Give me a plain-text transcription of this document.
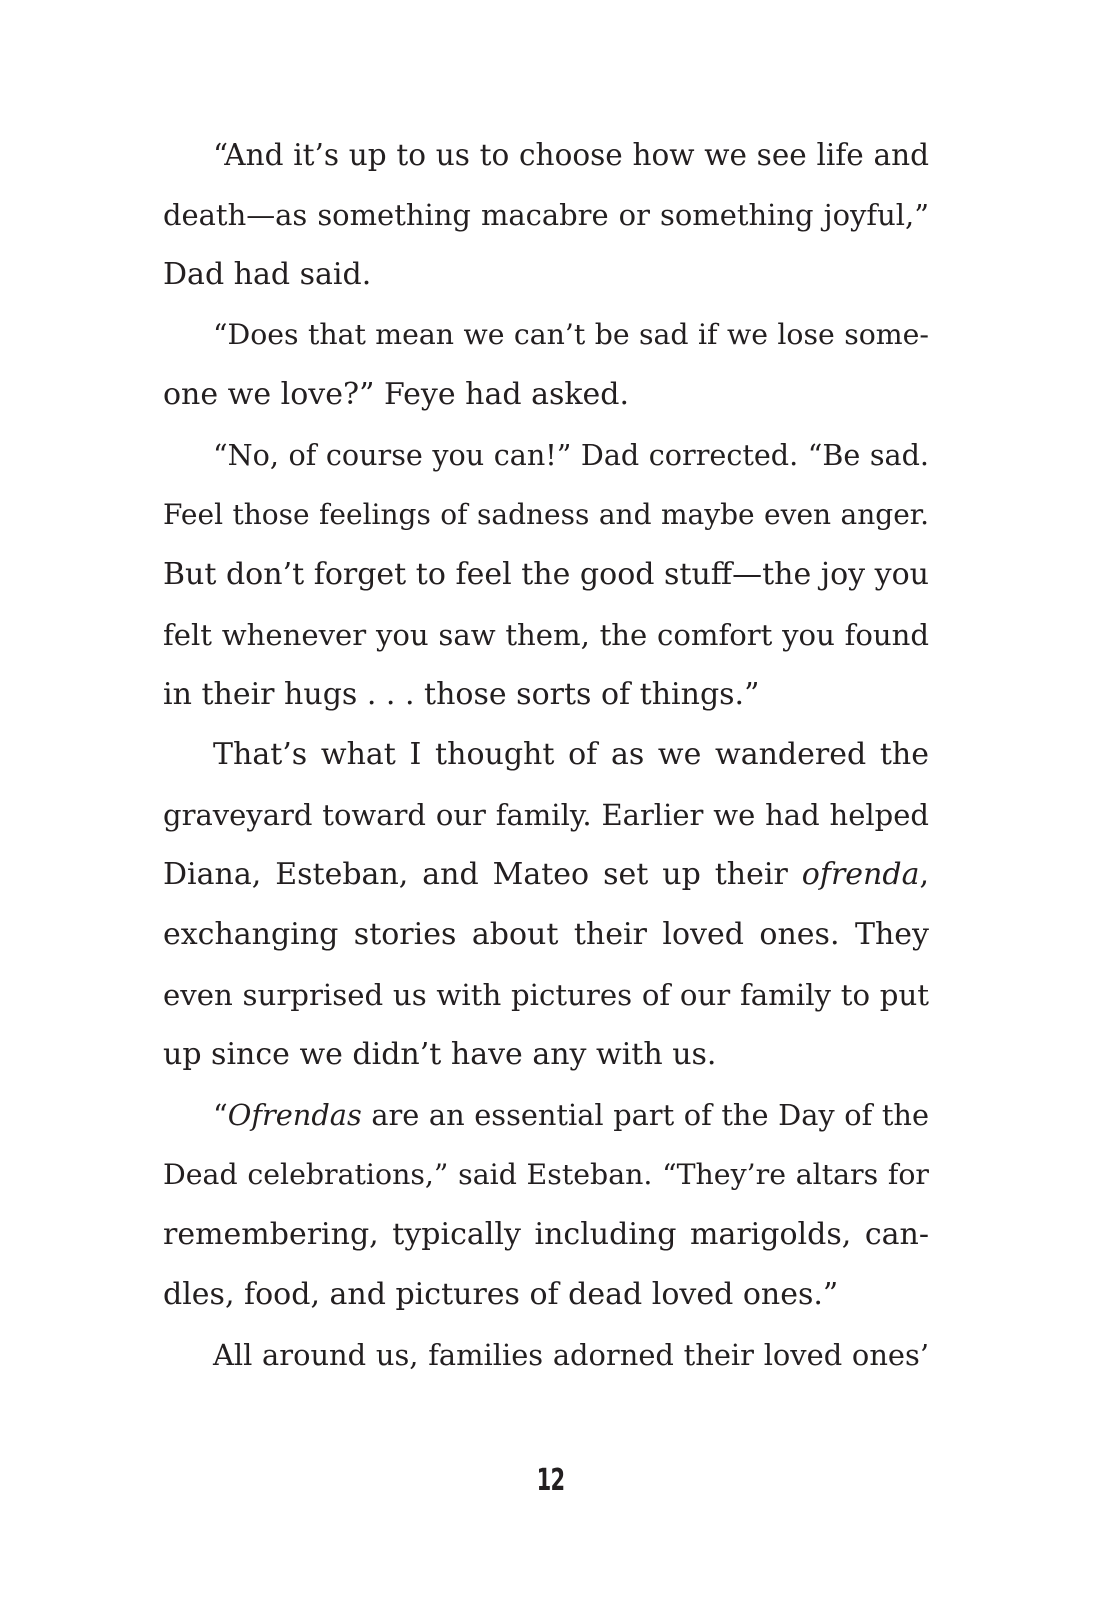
“And it’s up to us to choose how we see life and
death—as something macabre or something joyful,”
Dad had said.
“Does that mean we can’t be sad if we lose some-
one we love?” Feye had asked.
“No, of course you can!” Dad corrected. “Be sad.
Feel those feelings of sadness and maybe even anger.
But don’t forget to feel the good stuff—the joy you
felt whenever you saw them, the comfort you found
in their hugs . . . those sorts of things.”
That’s what I thought of as we wandered the
graveyard toward our family. Earlier we had helped
Diana, Esteban, and Mateo set up their ofrenda,
exchanging stories about their loved ones. They
even surprised us with pictures of our family to put
up since we didn’t have any with us.
“Ofrendas are an essential part of the Day of the
Dead celebrations,” said Esteban. “They’re altars for
remembering, typically including marigolds, can-
dles, food, and pictures of dead loved ones.”
All around us, families adorned their loved ones’
12
